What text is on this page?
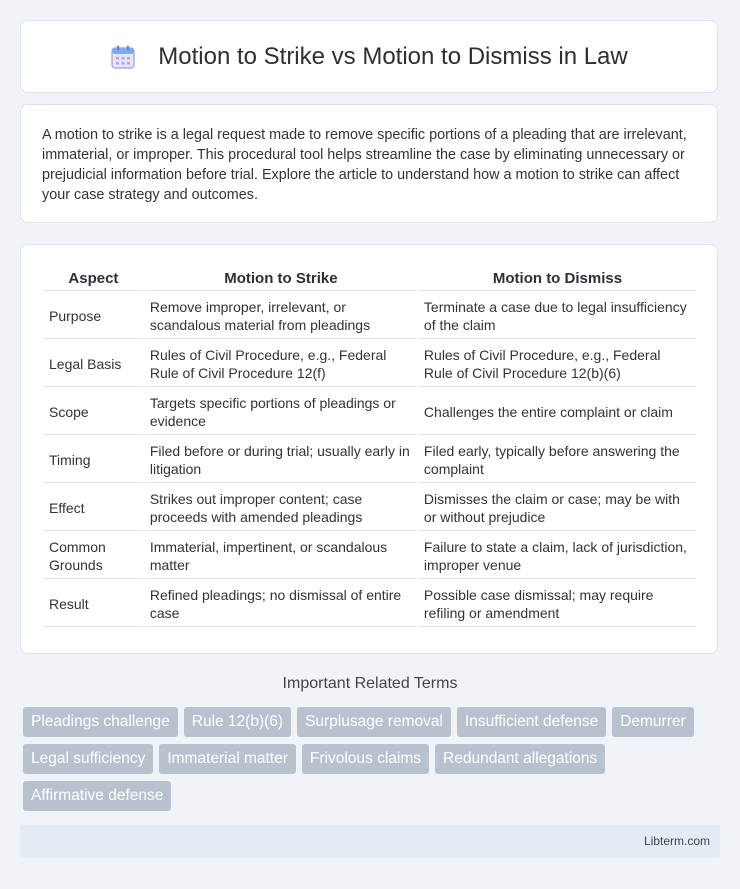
Motion to Strike vs Motion to Dismiss in Law

A motion to strike is a legal request made to remove specific portions of a pleading that are irrelevant, immaterial, or improper. This procedural tool helps streamline the case by eliminating unnecessary or prejudicial information before trial. Explore the article to understand how a motion to strike can affect your case strategy and outcomes.

Aspect	Motion to Strike	Motion to Dismiss
Purpose	Remove improper, irrelevant, or scandalous material from pleadings	Terminate a case due to legal insufficiency of the claim
Legal Basis	Rules of Civil Procedure, e.g., Federal Rule of Civil Procedure 12(f)	Rules of Civil Procedure, e.g., Federal Rule of Civil Procedure 12(b)(6)
Scope	Targets specific portions of pleadings or evidence	Challenges the entire complaint or claim
Timing	Filed before or during trial; usually early in litigation	Filed early, typically before answering the complaint
Effect	Strikes out improper content; case proceeds with amended pleadings	Dismisses the claim or case; may be with or without prejudice
Common Grounds	Immaterial, impertinent, or scandalous matter	Failure to state a claim, lack of jurisdiction, improper venue
Result	Refined pleadings; no dismissal of entire case	Possible case dismissal; may require refiling or amendment
Important Related Terms
Pleadings challenge	Rule 12(b)(6)	Surplusage removal	Insufficient defense	Demurrer
Legal sufficiency	Immaterial matter	Frivolous claims	Redundant allegations
Affirmative defense
Libterm.com
